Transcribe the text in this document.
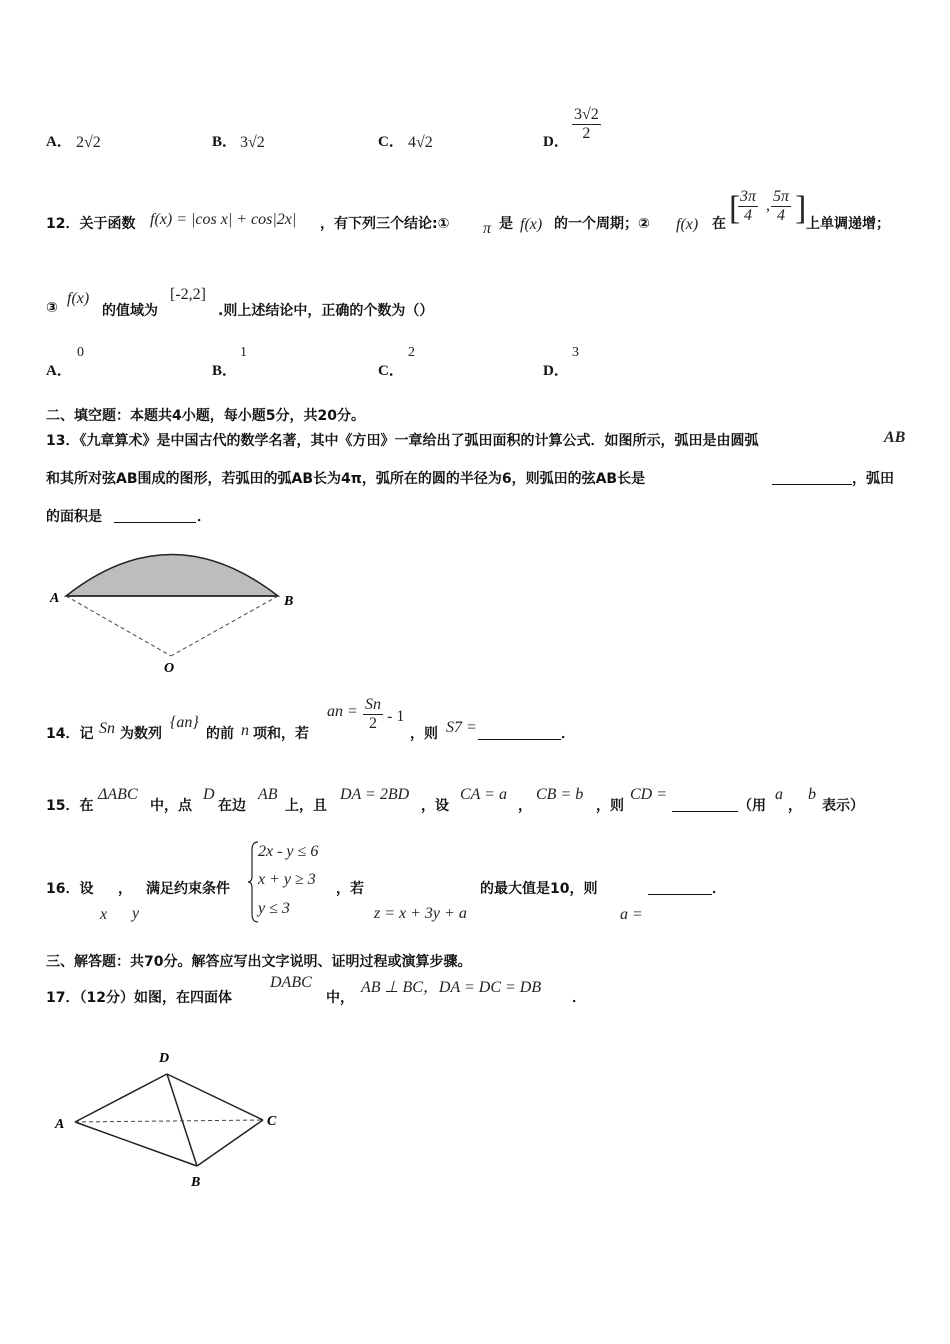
A． 2√2	B． 3√2	C． 4√2	D． $\frac{3√2}{2}$
12．关于函数 f(x) = |cos x| + cos|2x| ，有下列三个结论:① π 是 f(x) 的一个周期；② f(x) 在 [
$\frac{3\pi}{4}$ , $\frac{5\pi}{4}$ ] 上单调递增；
③
f(x)
的值域为
[-2,2]
.则上述结论中，正确的个数为（）
A．
0
B．
1
C．
2
D．
3
二、填空题：本题共4小题，每小题5分，共20分。
13．《九章算术》是中国古代的数学名著，其中《方田》一章给出了弧田面积的计算公式．如图所示，弧田是由圆弧	AB
和其所对弦AB围成的图形，若弧田的弧AB长为4π，弧所在的圆的半径为6，则弧田的弦AB长是	，弧田
的面积是	．
A	B
O
14．记 Sn 为数列
{an}
的前 n 项和，若
an = $\frac{Sn}{2} - 1$
，则 S7 =	．
15．在
ΔABC
中，点
D
在边
AB
上，且
DA = 2BD
，设
CA = a
，
CB = b
，则
CD =
（用
a
，
b
表示）
16．设 ， 满足约束条件
x y
2x - y ≤ 6
x + y ≥ 3
y ≤ 3
，若
z = x + 3y + a
的最大值是10，则
a =
．
三、解答题：共70分。解答应写出文字说明、证明过程或演算步骤。
17．（12分）如图，在四面体
DABC
中，
AB ⊥ BC，DA = DC = DB
．
D
A
B
C
